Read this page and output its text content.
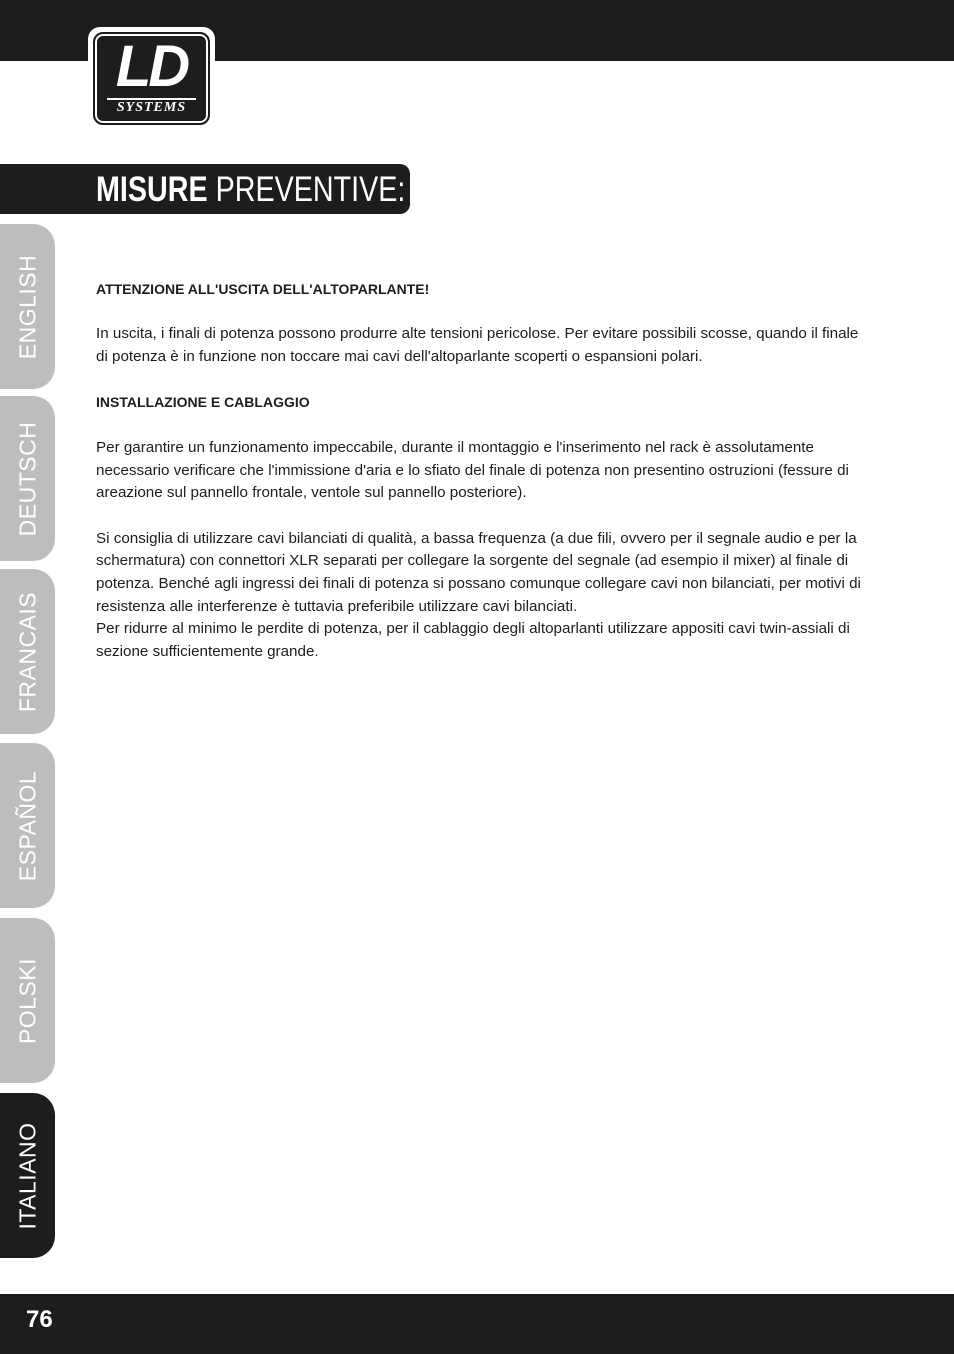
LD
SYSTEMS
MISURE PREVENTIVE:
ENGLISH
DEUTSCH
FRANCAIS
ESPAÑOL
POLSKI
ITALIANO

ATTENZIONE ALL'USCITA DELL'ALTOPARLANTE!

In uscita, i finali di potenza possono produrre alte tensioni pericolose. Per evitare possibili scosse, quando il finale di potenza è in funzione non toccare mai cavi dell'altoparlante scoperti o espansioni polari.

INSTALLAZIONE E CABLAGGIO

Per garantire un funzionamento impeccabile, durante il montaggio e l'inserimento nel rack è assolutamente necessario verificare che l'immissione d'aria e lo sfiato del finale di potenza non presentino ostruzioni (fessure di areazione sul pannello frontale, ventole sul pannello posteriore).

Si consiglia di utilizzare cavi bilanciati di qualità, a bassa frequenza (a due fili, ovvero per il segnale audio e per la schermatura) con connettori XLR separati per collegare la sorgente del segnale (ad esempio il mixer) al finale di potenza. Benché agli ingressi dei finali di potenza si possano comunque collegare cavi non bilanciati, per motivi di resistenza alle interferenze è tuttavia preferibile utilizzare cavi bilanciati.

Per ridurre al minimo le perdite di potenza, per il cablaggio degli altoparlanti utilizzare appositi cavi twin-assiali di sezione sufficientemente grande.

76
